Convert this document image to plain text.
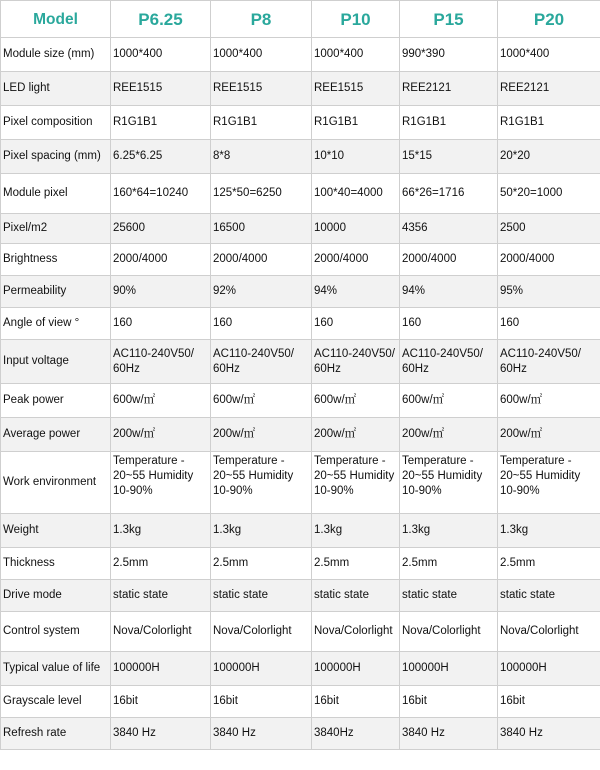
Model	P6.25	P8	P10	P15	P20
Module size (mm)	1000*400	1000*400	1000*400	990*390	1000*400
LED light	REE1515	REE1515	REE1515	REE2121	REE2121
Pixel composition	R1G1B1	R1G1B1	R1G1B1	R1G1B1	R1G1B1
Pixel spacing (mm)	6.25*6.25	8*8	10*10	15*15	20*20
Module pixel	160*64=10240	125*50=6250	100*40=4000	66*26=1716	50*20=1000
Pixel/m2	25600	16500	10000	4356	2500
Brightness	2000/4000	2000/4000	2000/4000	2000/4000	2000/4000
Permeability	90%	92%	94%	94%	95%
Angle of view °	160	160	160	160	160
Input voltage	AC110-240V50/ 60Hz	AC110-240V50/ 60Hz	AC110-240V50/ 60Hz	AC110-240V50/ 60Hz	AC110-240V50/ 60Hz
Peak power	600w/㎡	600w/㎡	600w/㎡	600w/㎡	600w/㎡
Average power	200w/㎡	200w/㎡	200w/㎡	200w/㎡	200w/㎡
Work environment	Temperature - 20~55 Humidity 10-90%	Temperature - 20~55 Humidity 10-90%	Temperature - 20~55 Humidity 10-90%	Temperature - 20~55 Humidity 10-90%	Temperature - 20~55 Humidity 10-90%
Weight	1.3kg	1.3kg	1.3kg	1.3kg	1.3kg
Thickness	2.5mm	2.5mm	2.5mm	2.5mm	2.5mm
Drive mode	static state	static state	static state	static state	static state
Control system	Nova/Colorlight	Nova/Colorlight	Nova/Colorlight	Nova/Colorlight	Nova/Colorlight
Typical value of life	100000H	100000H	100000H	100000H	100000H
Grayscale level	16bit	16bit	16bit	16bit	16bit
Refresh rate	3840 Hz	3840 Hz	3840Hz	3840 Hz	3840 Hz
